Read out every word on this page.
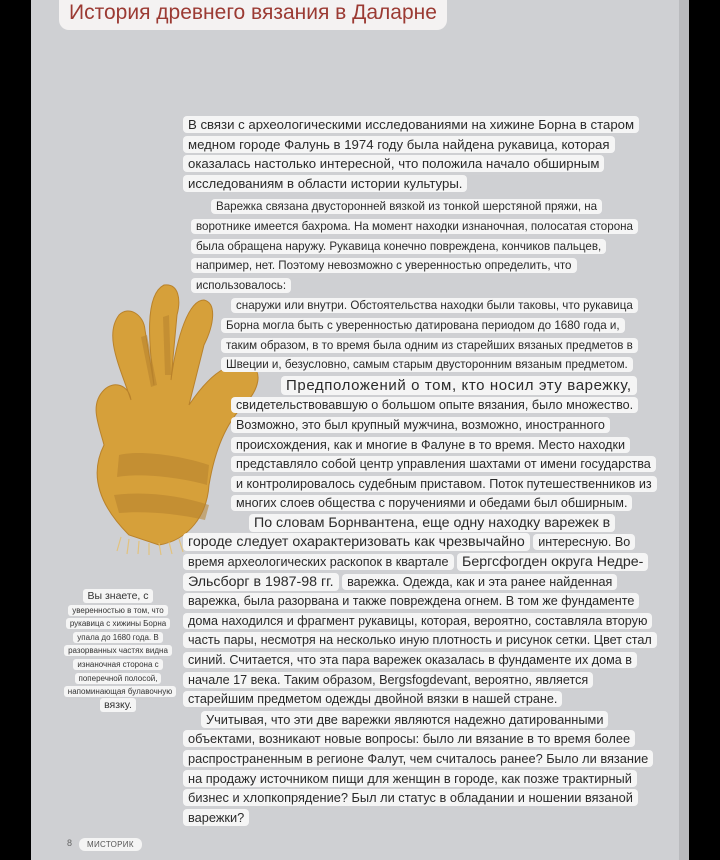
История древнего вязания в Даларне

В связи с археологическими исследованиями на хижине Борна в старом медном городе Фалунь в 1974 году была найдена рукавица, которая оказалась настолько интересной, что положила начало обширным исследованиям в области истории культуры.

Варежка связана двусторонней вязкой из тонкой шерстяной пряжи, на воротнике имеется бахрома. На момент находки изнаночная, полосатая сторона была обращена наружу. Рукавица конечно повреждена, кончиков пальцев, например, нет. Поэтому невозможно с уверенностью определить, что использовалось:

снаружи или внутри. Обстоятельства находки были таковы, что рукавица Борна могла быть с уверенностью датирована периодом до 1680 года и, таким образом, в то время была одним из старейших вязаных предметов в Швеции и, безусловно, самым старым двусторонним вязаным предметом.

Предположений о том, кто носил эту варежку, свидетельствовавшую о большом опыте вязания, было множество. Возможно, это был крупный мужчина, возможно, иностранного происхождения, как и многие в Фалуне в то время. Место находки представляло собой центр управления шахтами от имени государства и контролировалось судебным приставом. Поток путешественников из многих слоев общества с поручениями и обедами был обширным.

По словам Борнвантена, еще одну находку варежек в городе следует охарактеризовать как чрезвычайно интересную. Во время археологических раскопок в квартале Бергсфогден округа Недре-Эльсборг в 1987-98 гг. варежка. Одежда, как и эта ранее найденная варежка, была разорвана и также повреждена огнем. В том же фундаменте дома находился и фрагмент рукавицы, которая, вероятно, составляла вторую часть пары, несмотря на несколько иную плотность и рисунок сетки. Цвет стал синий. Считается, что эта пара варежек оказалась в фундаменте их дома в начале 17 века. Таким образом, Bergsfogdevant, вероятно, является старейшим предметом одежды двойной вязки в нашей стране.

Учитывая, что эти две варежки являются надежно датированными объектами, возникают новые вопросы: было ли вязание в то время более распространенным в регионе Фалут, чем считалось ранее? Было ли вязание на продажу источником пищи для женщин в городе, как позже трактирный бизнес и хлопкопрядение? Был ли статус в обладании и ношении вязаной варежки?

Вы знаете, с
уверенностью в том, что рукавица с хижины Борна упала до 1680 года. В разорванных частях видна изнаночная сторона с поперечной полосой, напоминающая булавочную вязку.
8	МИСТОРИК
